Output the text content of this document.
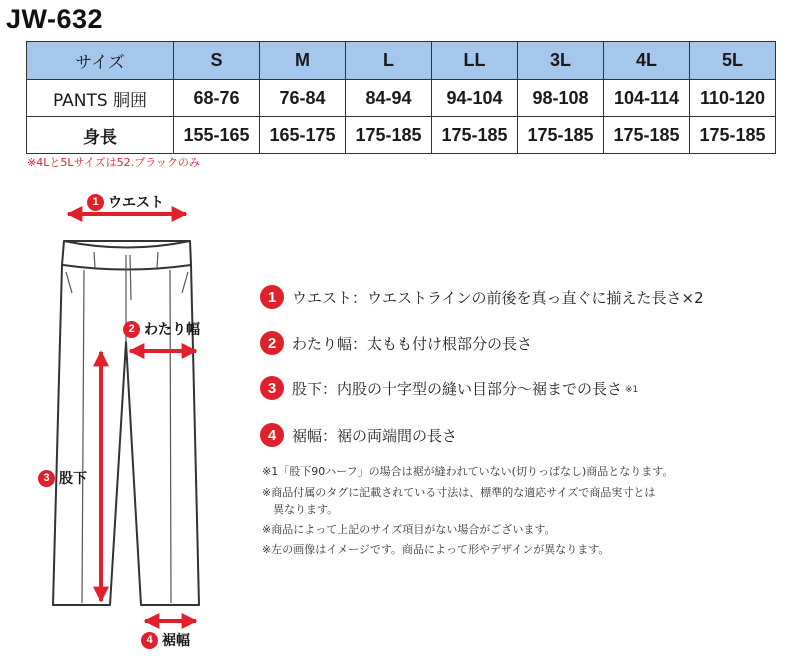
JW-632
サイズ	S	M	L	LL	3L	4L	5L
PANTS 胴囲	68-76	76-84	84-94	94-104	98-108	104-114	110-120
身長	155-165	165-175	175-185	175-185	175-185	175-185	175-185
※4Lと5Lサイズは52.ブラックのみ
1 ウエスト
2 わたり幅
3 股下
4 裾幅
1	ウエスト：ウエストラインの前後を真っ直ぐに揃えた長さ×2
2	わたり幅：太もも付け根部分の長さ
3	股下：内股の十字型の縫い目部分～裾までの長さ ※1
4	裾幅：裾の両端間の長さ
※1「股下90ハーフ」の場合は裾が縫われていない(切りっぱなし)商品となります。
※商品付属のタグに記載されている寸法は、標準的な適応サイズで商品実寸とは
　異なります。
※商品によって上記のサイズ項目がない場合がございます。
※左の画像はイメージです。商品によって形やデザインが異なります。
